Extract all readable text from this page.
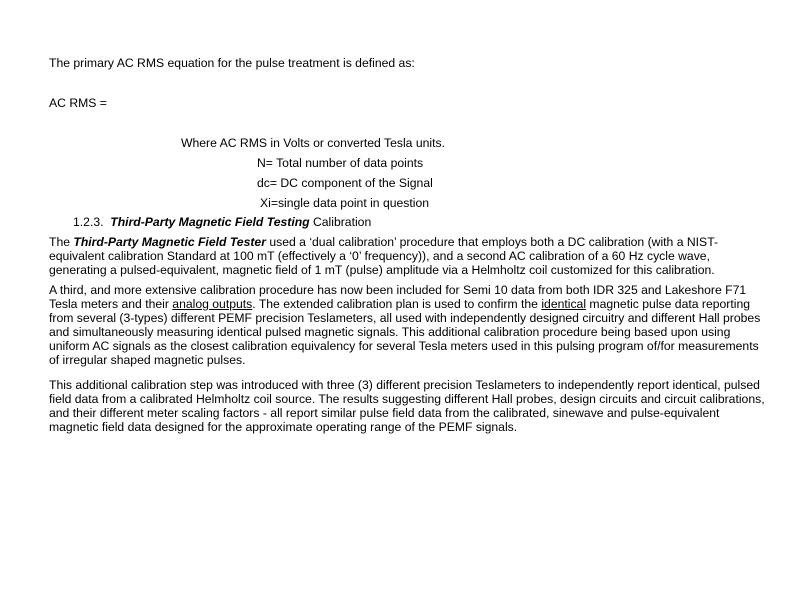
The primary AC RMS equation for the pulse treatment is defined as:
AC RMS =
Where AC RMS in Volts or converted Tesla units.
N= Total number of data points
dc= DC component of the Signal
Xi=single data point in question
1.2.3. Third-Party Magnetic Field Testing Calibration
The Third-Party Magnetic Field Tester used a ‘dual calibration’ procedure that employs both a DC calibration (with a NIST-
equivalent calibration Standard at 100 mT (effectively a ‘0’ frequency)), and a second AC calibration of a 60 Hz cycle wave,
generating a pulsed-equivalent, magnetic field of 1 mT (pulse) amplitude via a Helmholtz coil customized for this calibration.
A third, and more extensive calibration procedure has now been included for Semi 10 data from both IDR 325 and Lakeshore F71
Tesla meters and their analog outputs. The extended calibration plan is used to confirm the identical magnetic pulse data reporting
from several (3-types) different PEMF precision Teslameters, all used with independently designed circuitry and different Hall probes
and simultaneously measuring identical pulsed magnetic signals. This additional calibration procedure being based upon using
uniform AC signals as the closest calibration equivalency for several Tesla meters used in this pulsing program of/for measurements
of irregular shaped magnetic pulses.
This additional calibration step was introduced with three (3) different precision Teslameters to independently report identical, pulsed
field data from a calibrated Helmholtz coil source. The results suggesting different Hall probes, design circuits and circuit calibrations,
and their different meter scaling factors - all report similar pulse field data from the calibrated, sinewave and pulse-equivalent
magnetic field data designed for the approximate operating range of the PEMF signals.
